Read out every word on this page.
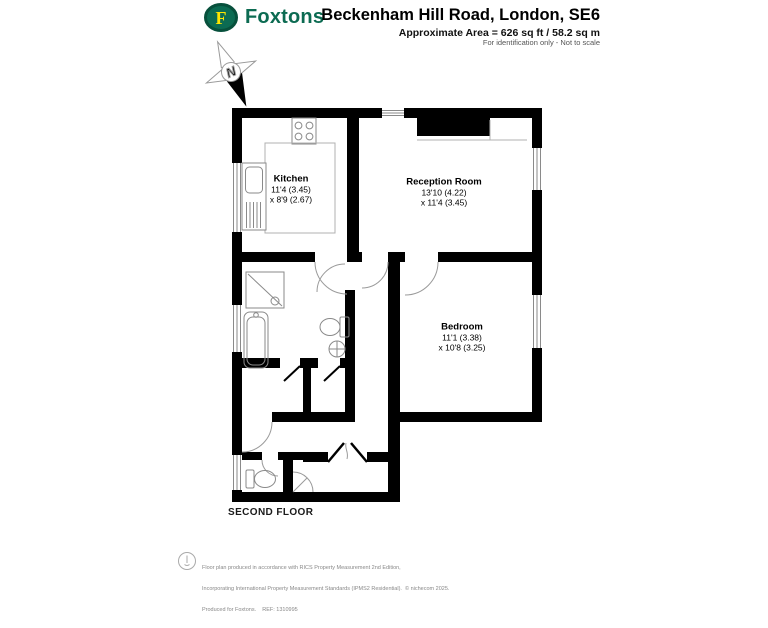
F Foxtons
Beckenham Hill Road, London, SE6
Approximate Area = 626 sq ft / 58.2 sq m
For identification only - Not to scale
N
Kitchen
11'4 (3.45)
x 8'9 (2.67)
Reception Room
13'10 (4.22)
x 11'4 (3.45)
Bedroom
11'1 (3.38)
x 10'8 (3.25)
SECOND FLOOR

Floor plan produced in accordance with RICS Property Measurement 2nd Edition,

Incorporating International Property Measurement Standards (IPMS2 Residential).  © nichecom 2025.

Produced for Foxtons.    REF: 1310995
